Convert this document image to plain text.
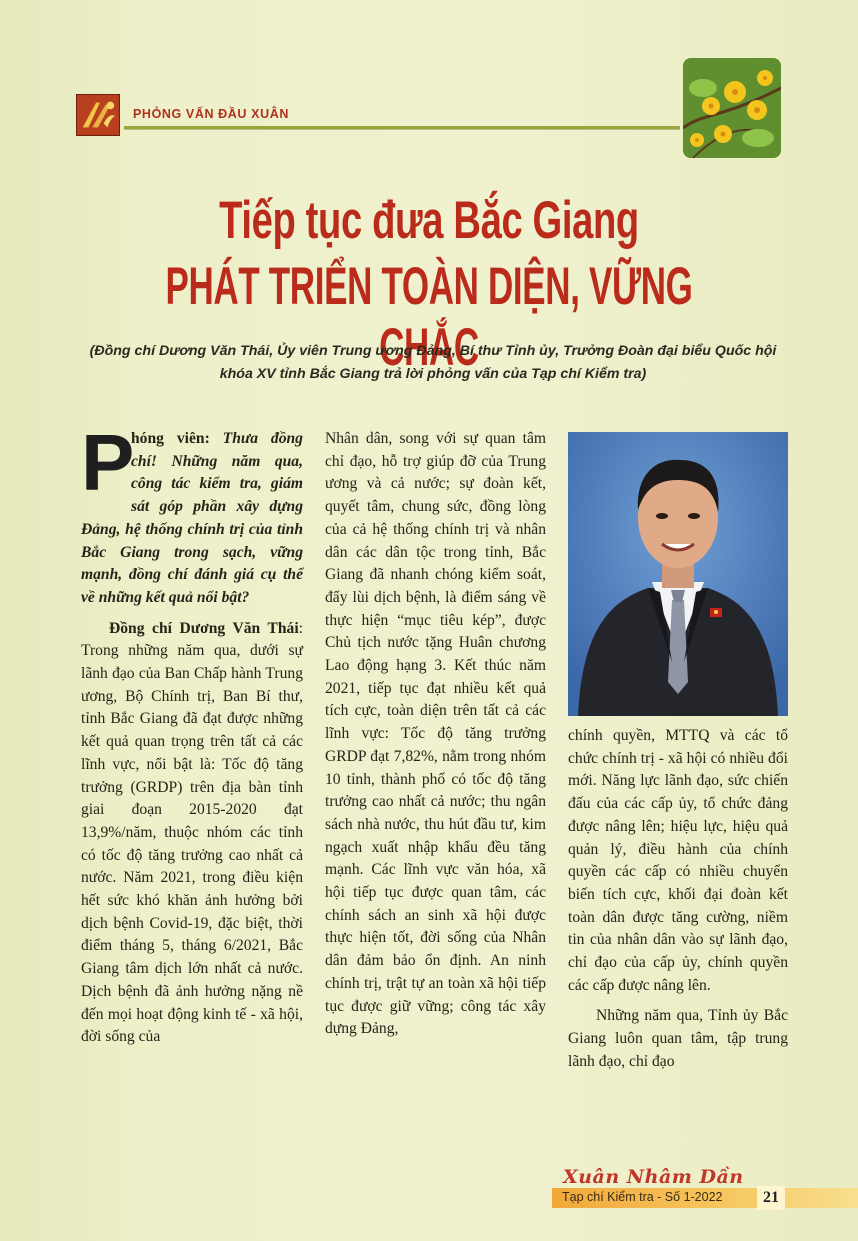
PHỎNG VẤN ĐẦU XUÂN
Tiếp tục đưa Bắc Giang
PHÁT TRIỂN TOÀN DIỆN, VỮNG CHẮC
(Đồng chí Dương Văn Thái, Ủy viên Trung ương Đảng, Bí thư Tỉnh ủy, Trưởng Đoàn đại biểu Quốc hội khóa XV tỉnh Bắc Giang trả lời phỏng vấn của Tạp chí Kiểm tra)

P
hóng viên: Thưa đồng chí! Những năm qua, công tác kiểm tra, giám sát góp phần xây dựng Đảng, hệ thống chính trị của tỉnh Bắc Giang trong sạch, vững mạnh, đồng chí đánh giá cụ thể về những kết quả nổi bật?

Đồng chí Dương Văn Thái: Trong những năm qua, dưới sự lãnh đạo của Ban Chấp hành Trung ương, Bộ Chính trị, Ban Bí thư, tỉnh Bắc Giang đã đạt được những kết quả quan trọng trên tất cả các lĩnh vực, nổi bật là: Tốc độ tăng trưởng (GRDP) trên địa bàn tỉnh giai đoạn 2015-2020 đạt 13,9%/năm, thuộc nhóm các tỉnh có tốc độ tăng trưởng cao nhất cả nước. Năm 2021, trong điều kiện hết sức khó khăn ảnh hưởng bởi dịch bệnh Covid-19, đặc biệt, thời điểm tháng 5, tháng 6/2021, Bắc Giang tâm dịch lớn nhất cả nước. Dịch bệnh đã ảnh hưởng nặng nề đến mọi hoạt động kinh tế - xã hội, đời sống của

Nhân dân, song với sự quan tâm chỉ đạo, hỗ trợ giúp đỡ của Trung ương và cả nước; sự đoàn kết, quyết tâm, chung sức, đồng lòng của cả hệ thống chính trị và nhân dân các dân tộc trong tỉnh, Bắc Giang đã nhanh chóng kiểm soát, đẩy lùi dịch bệnh, là điểm sáng về thực hiện “mục tiêu kép”, được Chủ tịch nước tặng Huân chương Lao động hạng 3. Kết thúc năm 2021, tiếp tục đạt nhiều kết quả tích cực, toàn diện trên tất cả các lĩnh vực: Tốc độ tăng trưởng GRDP đạt 7,82%, nằm trong nhóm 10 tỉnh, thành phố có tốc độ tăng trưởng cao nhất cả nước; thu ngân sách nhà nước, thu hút đầu tư, kim ngạch xuất nhập khẩu đều tăng mạnh. Các lĩnh vực văn hóa, xã hội tiếp tục được quan tâm, các chính sách an sinh xã hội được thực hiện tốt, đời sống của Nhân dân đảm bảo ổn định. An ninh chính trị, trật tự an toàn xã hội tiếp tục được giữ vững; công tác xây dựng Đảng,

chính quyền, MTTQ và các tổ chức chính trị - xã hội có nhiều đổi mới. Năng lực lãnh đạo, sức chiến đấu của các cấp ủy, tổ chức đảng được nâng lên; hiệu lực, hiệu quả quản lý, điều hành của chính quyền các cấp có nhiều chuyển biến tích cực, khối đại đoàn kết toàn dân được tăng cường, niềm tin của nhân dân vào sự lãnh đạo, chỉ đạo của cấp ủy, chính quyền các cấp được nâng lên.

Những năm qua, Tỉnh ủy Bắc Giang luôn quan tâm, tập trung lãnh đạo, chỉ đạo

Xuân Nhâm Dần
Tạp chí Kiểm tra - Số 1-2022	21
